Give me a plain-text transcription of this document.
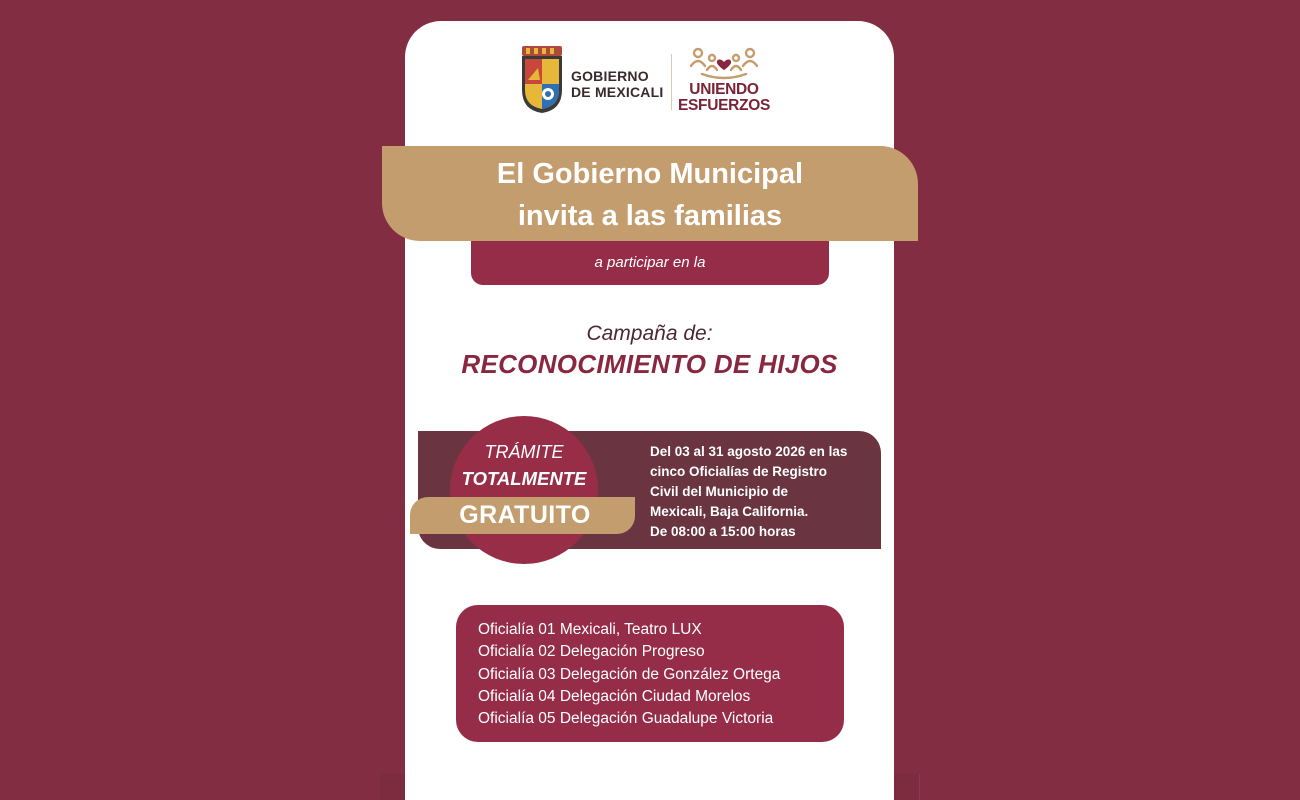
GOBIERNO
DE MEXICALI	UNIENDO
ESFUERZOS
El Gobierno Municipal
invita a las familias
a participar en la
Campaña de:
RECONOCIMIENTO DE HIJOS
TRÁMITE
TOTALMENTE
GRATUITO
Del 03 al 31 agosto 2026 en las
cinco Oficialías de Registro
Civil del Municipio de
Mexicali, Baja California.
De 08:00 a 15:00 horas
Oficialía 01 Mexicali, Teatro LUX
Oficialía 02 Delegación Progreso
Oficialía 03 Delegación de González Ortega
Oficialía 04 Delegación Ciudad Morelos
Oficialía 05 Delegación Guadalupe Victoria
